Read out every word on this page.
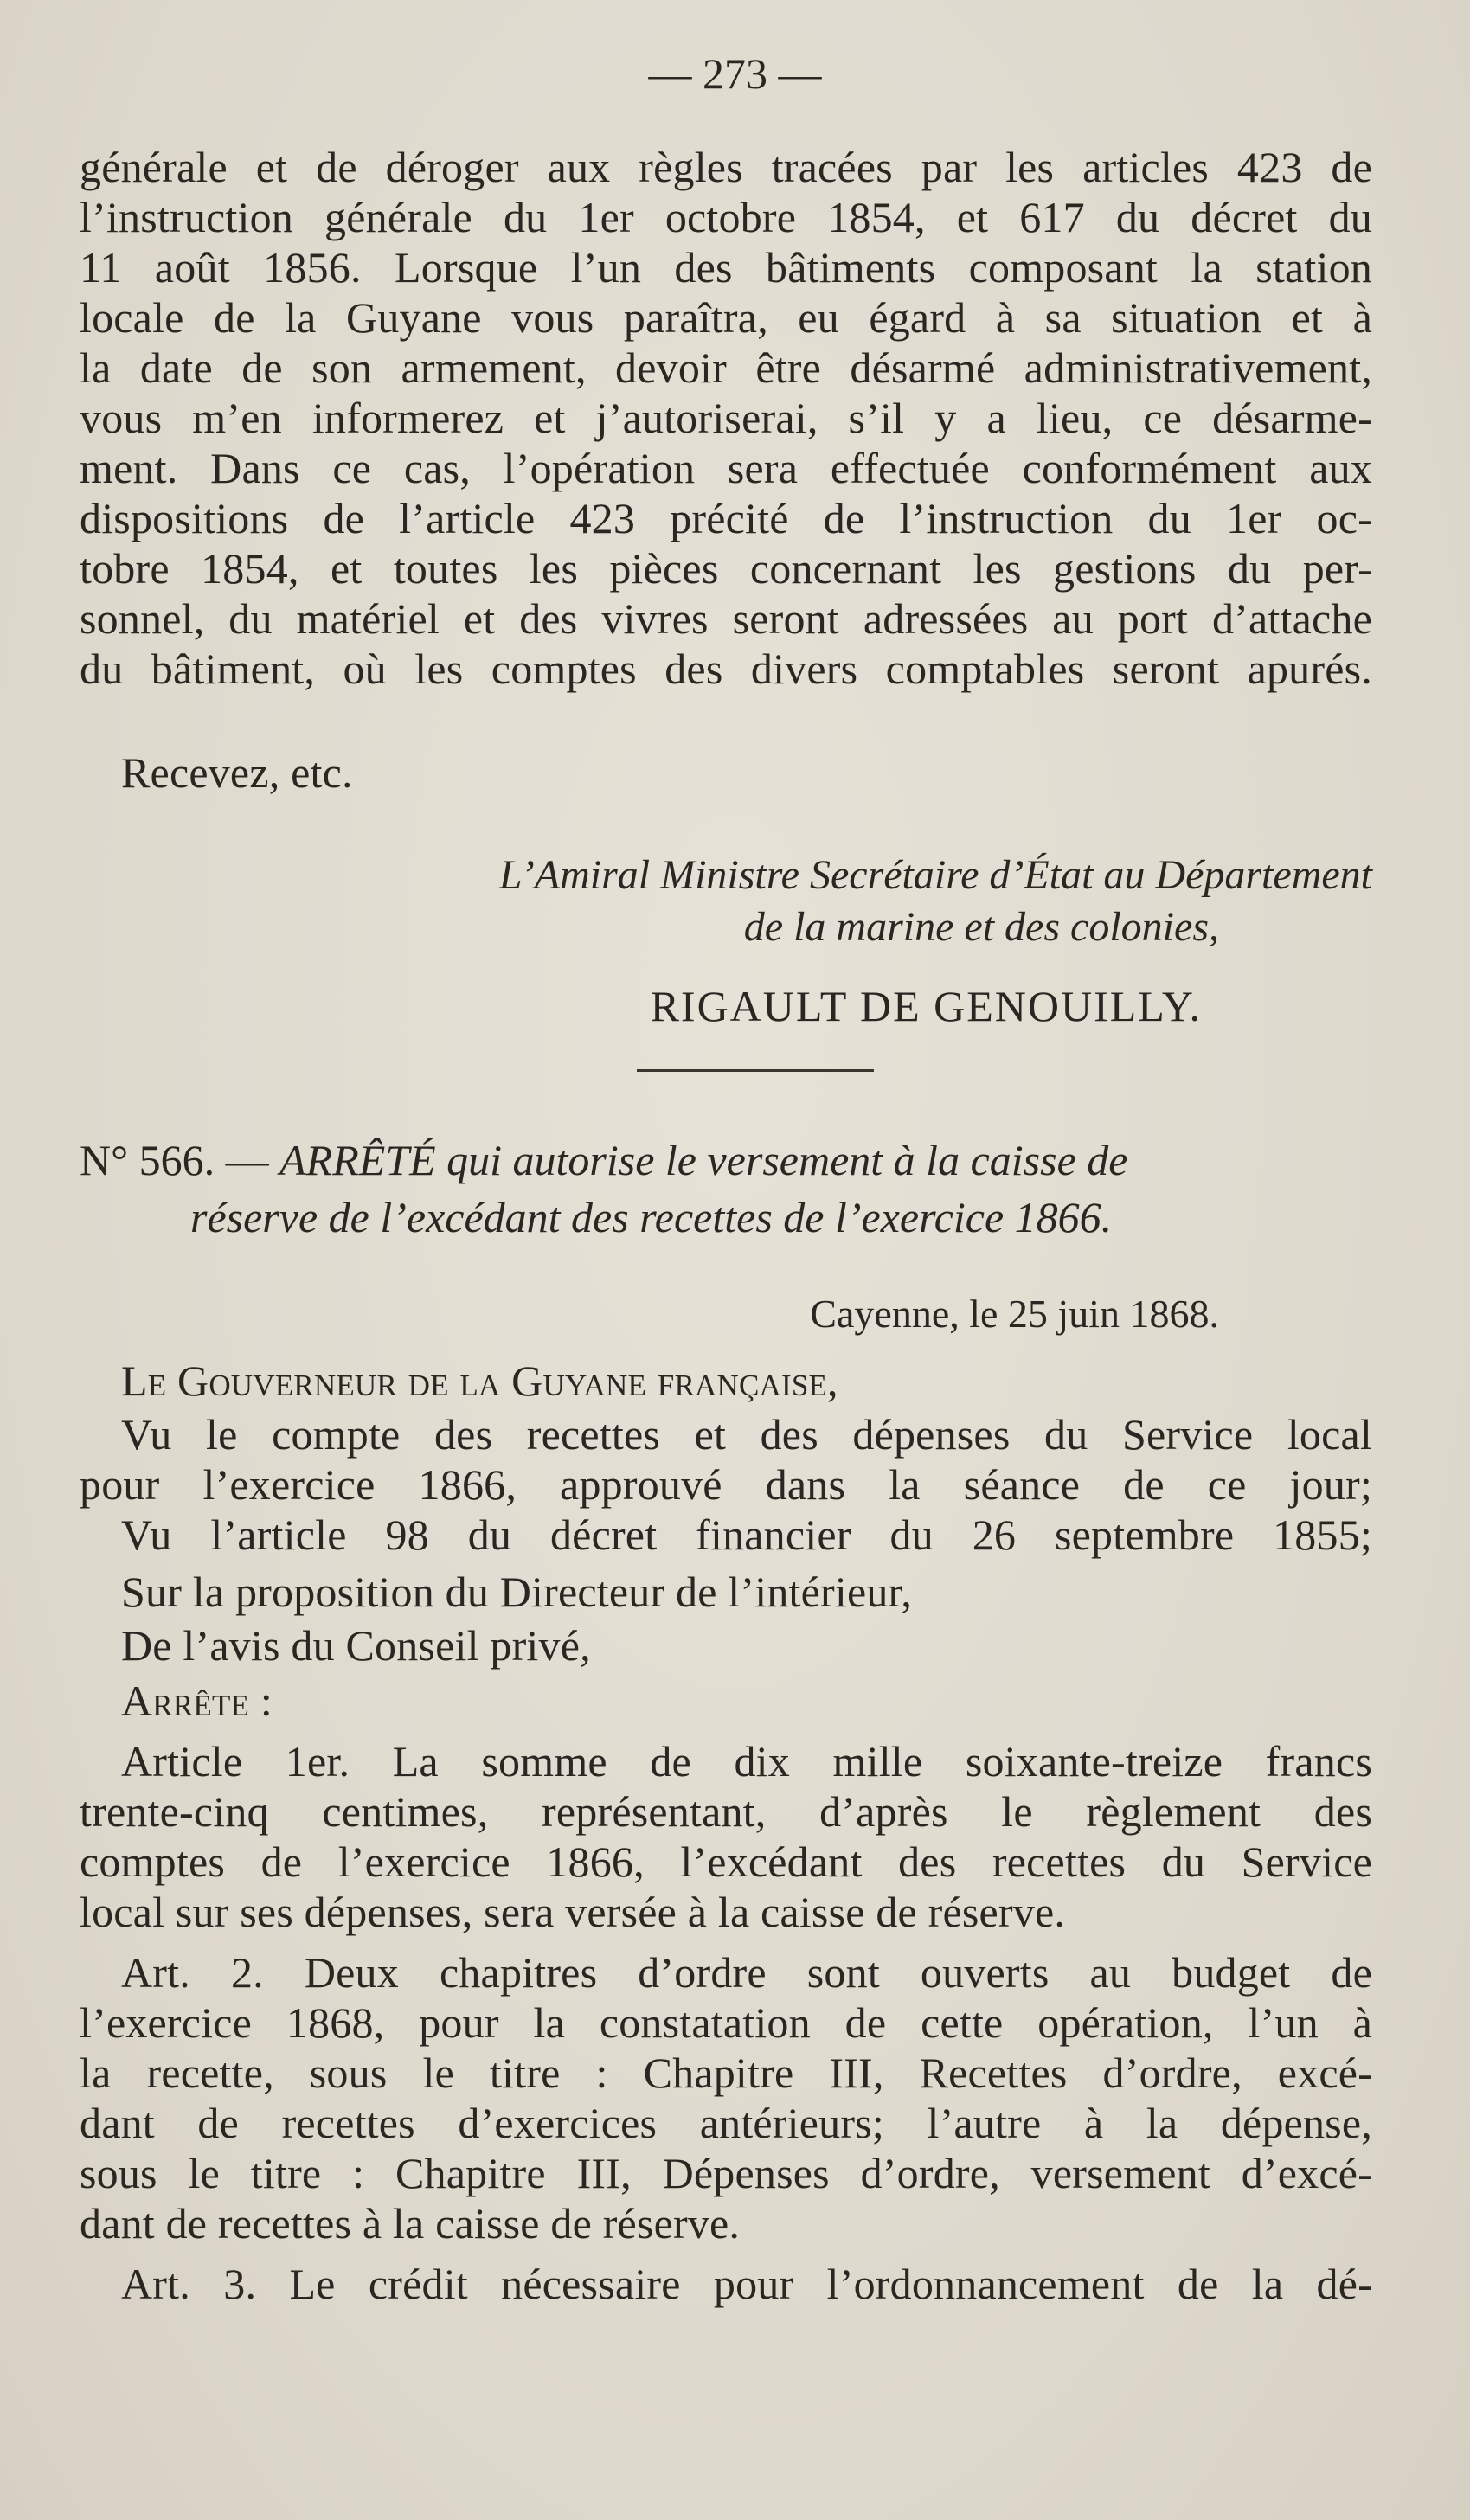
— 273 —
générale et de déroger aux règles tracées par les articles 423 de
l’instruction générale du 1er octobre 1854, et 617 du décret du
11 août 1856. Lorsque l’un des bâtiments composant la station
locale de la Guyane vous paraîtra, eu égard à sa situation et à
la date de son armement, devoir être désarmé administrativement,
vous m’en informerez et j’autoriserai, s’il y a lieu, ce désarme-
ment. Dans ce cas, l’opération sera effectuée conformément aux
dispositions de l’article 423 précité de l’instruction du 1er oc-
tobre 1854, et toutes les pièces concernant les gestions du per-
sonnel, du matériel et des vivres seront adressées au port d’attache
du bâtiment, où les comptes des divers comptables seront apurés.
Recevez, etc.
L’Amiral Ministre Secrétaire d’État au Département
de la marine et des colonies,
RIGAULT DE GENOUILLY.
N° 566. — ARRÊTÉ qui autorise le versement à la caisse de
réserve de l’excédant des recettes de l’exercice 1866.
Cayenne, le 25 juin 1868.
Le Gouverneur de la Guyane française,
Vu le compte des recettes et des dépenses du Service local
pour l’exercice 1866, approuvé dans la séance de ce jour;
Vu l’article 98 du décret financier du 26 septembre 1855;
Sur la proposition du Directeur de l’intérieur,
De l’avis du Conseil privé,
Arrête :
Article 1er. La somme de dix mille soixante-treize francs
trente-cinq centimes, représentant, d’après le règlement des
comptes de l’exercice 1866, l’excédant des recettes du Service
local sur ses dépenses, sera versée à la caisse de réserve.
Art. 2. Deux chapitres d’ordre sont ouverts au budget de
l’exercice 1868, pour la constatation de cette opération, l’un à
la recette, sous le titre : Chapitre III, Recettes d’ordre, excé-
dant de recettes d’exercices antérieurs; l’autre à la dépense,
sous le titre : Chapitre III, Dépenses d’ordre, versement d’excé-
dant de recettes à la caisse de réserve.
Art. 3. Le crédit nécessaire pour l’ordonnancement de la dé-
